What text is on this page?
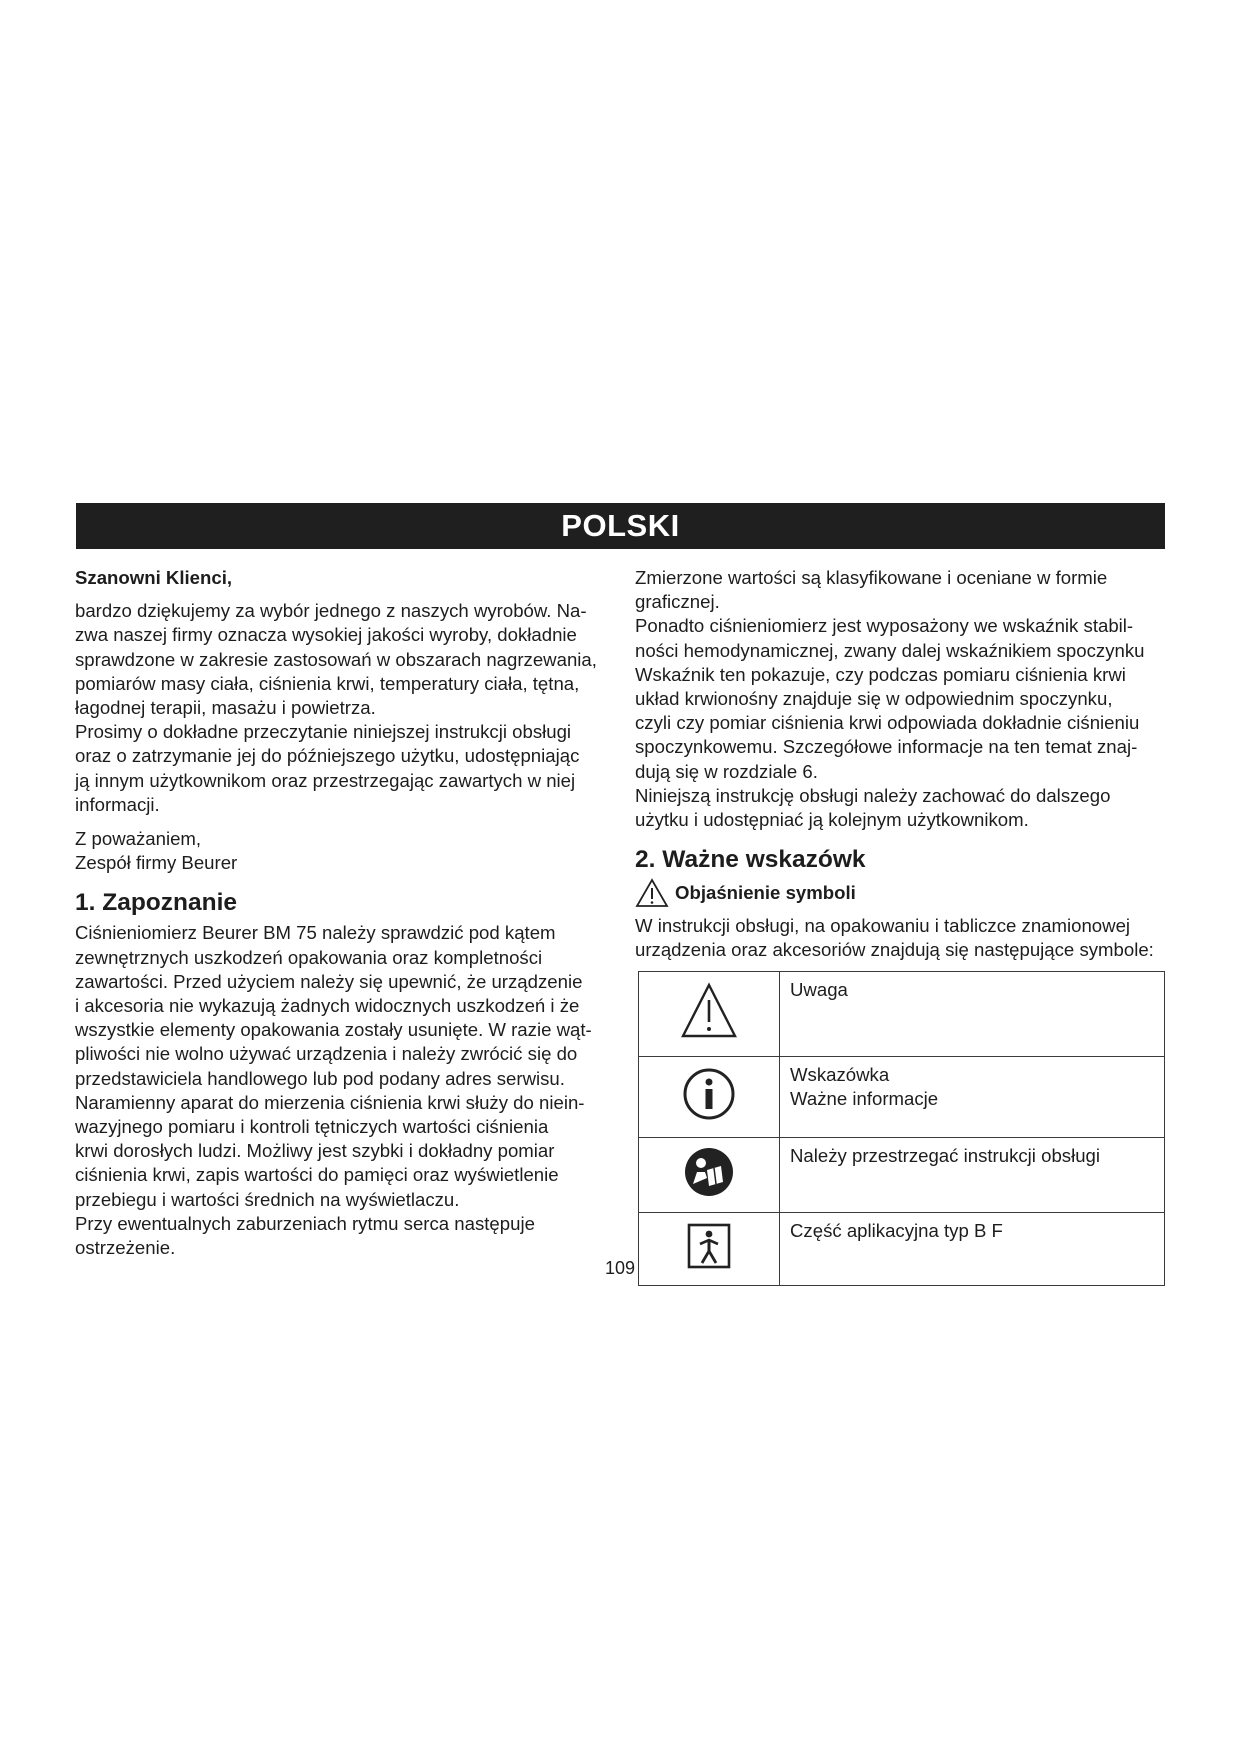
POLSKI

Szanowni Klienci,

bardzo dziękujemy za wybór jednego z naszych wyrobów. Na-
zwa naszej firmy oznacza wysokiej jakości wyroby, dokładnie
sprawdzone w zakresie zastosowań w obszarach nagrzewania,
pomiarów masy ciała, ciśnienia krwi, temperatury ciała, tętna,
łagodnej terapii, masażu i powietrza.

Prosimy o dokładne przeczytanie niniejszej instrukcji obsługi
oraz o zatrzymanie jej do późniejszego użytku, udostępniając
ją innym użytkownikom oraz przestrzegając zawartych w niej
informacji.

Z poważaniem,
Zespół firmy Beurer

1. Zapoznanie

Ciśnieniomierz Beurer BM 75 należy sprawdzić pod kątem
zewnętrznych uszkodzeń opakowania oraz kompletności
zawartości. Przed użyciem należy się upewnić, że urządzenie
i akcesoria nie wykazują żadnych widocznych uszkodzeń i że
wszystkie elementy opakowania zostały usunięte. W razie wąt-
pliwości nie wolno używać urządzenia i należy zwrócić się do
przedstawiciela handlowego lub pod podany adres serwisu.

Naramienny aparat do mierzenia ciśnienia krwi służy do niein-
wazyjnego pomiaru i kontroli tętniczych wartości ciśnienia
krwi dorosłych ludzi. Możliwy jest szybki i dokładny pomiar
ciśnienia krwi, zapis wartości do pamięci oraz wyświetlenie
przebiegu i wartości średnich na wyświetlaczu.

Przy ewentualnych zaburzeniach rytmu serca następuje
ostrzeżenie.

Zmierzone wartości są klasyfikowane i oceniane w formie
graficznej.

Ponadto ciśnieniomierz jest wyposażony we wskaźnik stabil-
ności hemodynamicznej, zwany dalej wskaźnikiem spoczynku
Wskaźnik ten pokazuje, czy podczas pomiaru ciśnienia krwi
układ krwionośny znajduje się w odpowiednim spoczynku,
czyli czy pomiar ciśnienia krwi odpowiada dokładnie ciśnieniu
spoczynkowemu. Szczegółowe informacje na ten temat znaj-
dują się w rozdziale 6.

Niniejszą instrukcję obsługi należy zachować do dalszego
użytku i udostępniać ją kolejnym użytkownikom.

2. Ważne wskazówk
Objaśnienie symboli

W instrukcji obsługi, na opakowaniu i tabliczce znamionowej
urządzenia oraz akcesoriów znajdują się następujące symbole:

	Uwaga
	Wskazówka
Ważne informacje
	Należy przestrzegać instrukcji obsługi
	Część aplikacyjna typ B F
109
